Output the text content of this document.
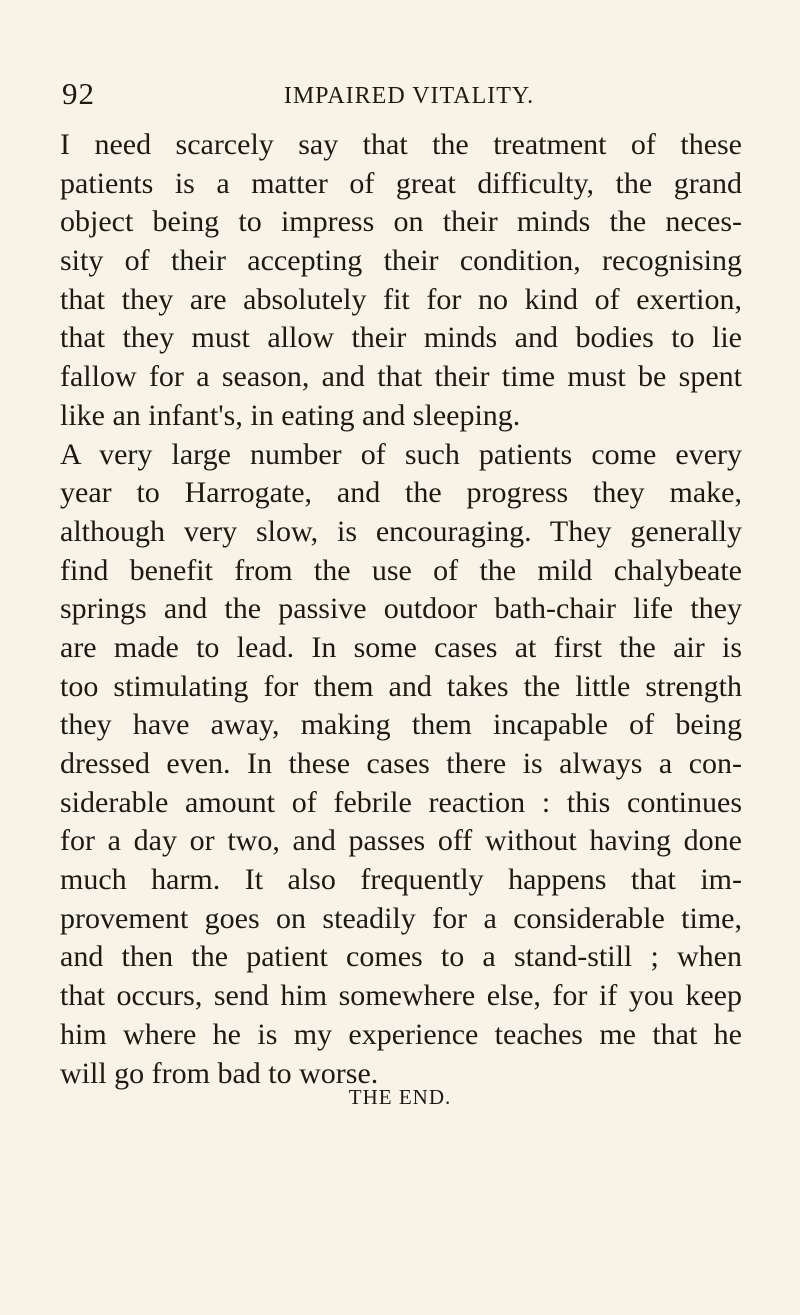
92	IMPAIRED VITALITY.
I need scarcely say that the treatment of these
patients is a matter of great difficulty, the grand
object being to impress on their minds the neces-
sity of their accepting their condition, recognising
that they are absolutely fit for no kind of exertion,
that they must allow their minds and bodies to lie
fallow for a season, and that their time must be spent
like an infant's, in eating and sleeping.
A very large number of such patients come every
year to Harrogate, and the progress they make,
although very slow, is encouraging. They generally
find benefit from the use of the mild chalybeate
springs and the passive outdoor bath-chair life they
are made to lead. In some cases at first the air is
too stimulating for them and takes the little strength
they have away, making them incapable of being
dressed even. In these cases there is always a con-
siderable amount of febrile reaction : this continues
for a day or two, and passes off without having done
much harm. It also frequently happens that im-
provement goes on steadily for a considerable time,
and then the patient comes to a stand-still ; when
that occurs, send him somewhere else, for if you keep
him where he is my experience teaches me that he
will go from bad to worse.
THE END.
